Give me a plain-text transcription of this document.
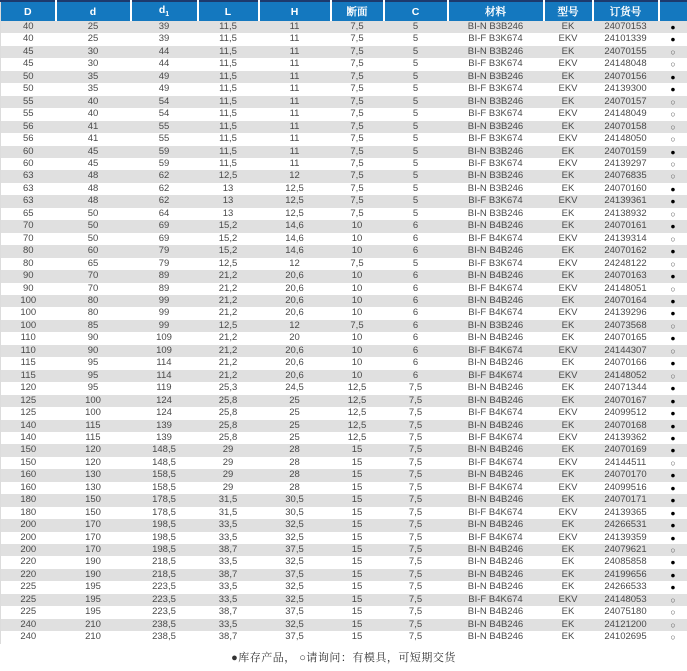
D	d	$d_1$	L	H	断面	C	材料	型号	订货号	
40	25	39	11,5	11	7,5	5	BI-N B3B246	EK	24070153	●
40	25	39	11,5	11	7,5	5	BI-F B3K674	EKV	24101339	●
45	30	44	11,5	11	7,5	5	BI-N B3B246	EK	24070155	○
45	30	44	11,5	11	7,5	5	BI-F B3K674	EKV	24148048	○
50	35	49	11,5	11	7,5	5	BI-N B3B246	EK	24070156	●
50	35	49	11,5	11	7,5	5	BI-F B3K674	EKV	24139300	●
55	40	54	11,5	11	7,5	5	BI-N B3B246	EK	24070157	○
55	40	54	11,5	11	7,5	5	BI-F B3K674	EKV	24148049	○
56	41	55	11,5	11	7,5	5	BI-N B3B246	EK	24070158	○
56	41	55	11,5	11	7,5	5	BI-F B3K674	EKV	24148050	○
60	45	59	11,5	11	7,5	5	BI-N B3B246	EK	24070159	●
60	45	59	11,5	11	7,5	5	BI-F B3K674	EKV	24139297	○
63	48	62	12,5	12	7,5	5	BI-N B3B246	EK	24076835	○
63	48	62	13	12,5	7,5	5	BI-N B3B246	EK	24070160	●
63	48	62	13	12,5	7,5	5	BI-F B3K674	EKV	24139361	●
65	50	64	13	12,5	7,5	5	BI-N B3B246	EK	24138932	○
70	50	69	15,2	14,6	10	6	BI-N B4B246	EK	24070161	●
70	50	69	15,2	14,6	10	6	BI-F B4K674	EKV	24139314	○
80	60	79	15,2	14,6	10	6	BI-N B4B246	EK	24070162	●
80	65	79	12,5	12	7,5	5	BI-F B3K674	EKV	24248122	○
90	70	89	21,2	20,6	10	6	BI-N B4B246	EK	24070163	●
90	70	89	21,2	20,6	10	6	BI-F B4K674	EKV	24148051	○
100	80	99	21,2	20,6	10	6	BI-N B4B246	EK	24070164	●
100	80	99	21,2	20,6	10	6	BI-F B4K674	EKV	24139296	●
100	85	99	12,5	12	7,5	6	BI-N B3B246	EK	24073568	○
110	90	109	21,2	20	10	6	BI-N B4B246	EK	24070165	●
110	90	109	21,2	20,6	10	6	BI-F B4K674	EKV	24144307	○
115	95	114	21,2	20,6	10	6	BI-N B4B246	EK	24070166	●
115	95	114	21,2	20,6	10	6	BI-F B4K674	EKV	24148052	○
120	95	119	25,3	24,5	12,5	7,5	BI-N B4B246	EK	24071344	●
125	100	124	25,8	25	12,5	7,5	BI-N B4B246	EK	24070167	●
125	100	124	25,8	25	12,5	7,5	BI-F B4K674	EKV	24099512	●
140	115	139	25,8	25	12,5	7,5	BI-N B4B246	EK	24070168	●
140	115	139	25,8	25	12,5	7,5	BI-F B4K674	EKV	24139362	●
150	120	148,5	29	28	15	7,5	BI-N B4B246	EK	24070169	●
150	120	148,5	29	28	15	7,5	BI-F B4K674	EKV	24144511	○
160	130	158,5	29	28	15	7,5	BI-N B4B246	EK	24070170	●
160	130	158,5	29	28	15	7,5	BI-F B4K674	EKV	24099516	●
180	150	178,5	31,5	30,5	15	7,5	BI-N B4B246	EK	24070171	●
180	150	178,5	31,5	30,5	15	7,5	BI-F B4K674	EKV	24139365	●
200	170	198,5	33,5	32,5	15	7,5	BI-N B4B246	EK	24266531	●
200	170	198,5	33,5	32,5	15	7,5	BI-F B4K674	EKV	24139359	●
200	170	198,5	38,7	37,5	15	7,5	BI-N B4B246	EK	24079621	○
220	190	218,5	33,5	32,5	15	7,5	BI-N B4B246	EK	24085858	●
220	190	218,5	38,7	37,5	15	7,5	BI-N B4B246	EK	24199656	●
225	195	223,5	33,5	32,5	15	7,5	BI-N B4B246	EK	24266533	●
225	195	223,5	33,5	32,5	15	7,5	BI-F B4K674	EKV	24148053	○
225	195	223,5	38,7	37,5	15	7,5	BI-N B4B246	EK	24075180	○
240	210	238,5	33,5	32,5	15	7,5	BI-N B4B246	EK	24121200	○
240	210	238,5	38,7	37,5	15	7,5	BI-N B4B246	EK	24102695	○
●库存产品， ○请询问：有模具，可短期交货
